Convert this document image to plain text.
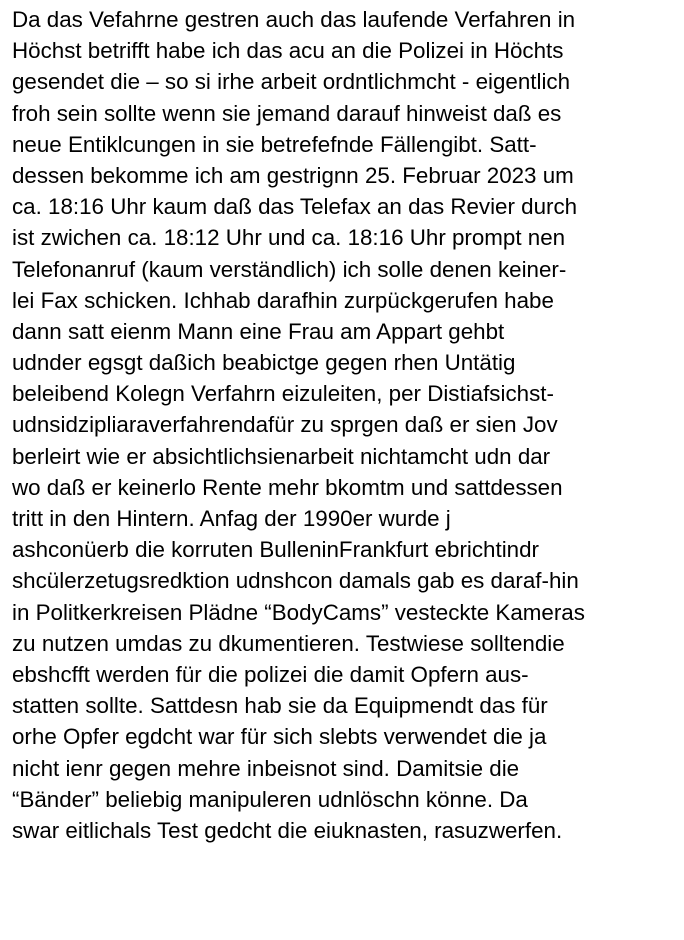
Da das Vefahrne gestren auch das laufende Verfahren in
Höchst betrifft habe ich das acu an die Polizei in Höchts
gesendet die – so si irhe arbeit ordntlichmcht - eigentlich
froh sein sollte wenn sie jemand darauf hinweist daß es
neue Entiklcungen in sie betrefefnde Fällengibt. Satt-
dessen bekomme ich am gestrignn 25. Februar 2023 um
ca. 18:16 Uhr kaum daß das Telefax an das Revier durch
ist zwichen ca. 18:12 Uhr und ca. 18:16 Uhr prompt nen
Telefonanruf (kaum verständlich) ich solle denen keiner-
lei Fax schicken. Ichhab darafhin zurpückgerufen habe
dann satt eienm Mann eine Frau am Appart gehbt
udnder egsgt daßich beabictge gegen rhen Untätig
beleibend Kolegn Verfahrn eizuleiten, per Distiafsichst-
udnsidzipliaraverfahrendafür zu sprgen daß er sien Jov
berleirt wie er absichtlichsienarbeit nichtamcht udn dar
wo daß er keinerlo Rente mehr bkomtm und sattdessen
tritt in den Hintern. Anfag der 1990er wurde j
ashconüerb die korruten BulleninFrankfurt ebrichtindr
shcülerzetugsredktion udnshcon damals gab es daraf-hin
in Politkerkreisen Plädne “BodyCams” vesteckte Kameras
zu nutzen umdas zu dkumentieren. Testwiese solltendie
ebshcfft werden für die polizei die damit Opfern aus-
statten sollte. Sattdesn hab sie da Equipmendt das für
orhe Opfer egdcht war für sich slebts verwendet die ja
nicht ienr gegen mehre inbeisnot sind. Damitsie die
“Bänder” beliebig manipuleren udnlöschn könne. Da
swar eitlichals Test gedcht die eiuknasten, rasuzwerfen.
